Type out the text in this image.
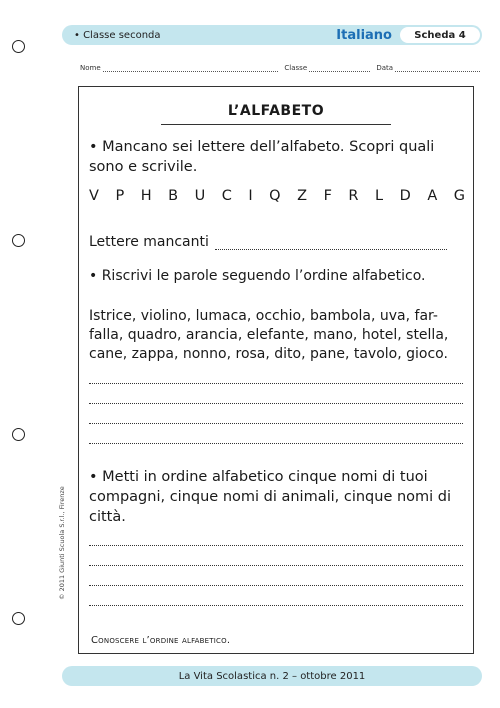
• Classe seconda	Italiano	Scheda 4
Nome	Classe	Data
© 2011 Giunti Scuola S.r.l., Firenze
L’ALFABETO
• Mancano sei lettere dell’alfabeto. Scopri quali sono e scrivile.
V P H B U C I Q Z F R L D A G
Lettere mancanti
• Riscrivi le parole seguendo l’ordine alfabetico.
Istrice, violino, lumaca, occhio, bambola, uva, far-falla, quadro, arancia, elefante, mano, hotel, stella, cane, zappa, nonno, rosa, dito, pane, tavolo, gioco.
• Metti in ordine alfabetico cinque nomi di tuoi compagni, cinque nomi di animali, cinque nomi di città.
Conoscere l’ordine alfabetico.
La Vita Scolastica n. 2 – ottobre 2011
